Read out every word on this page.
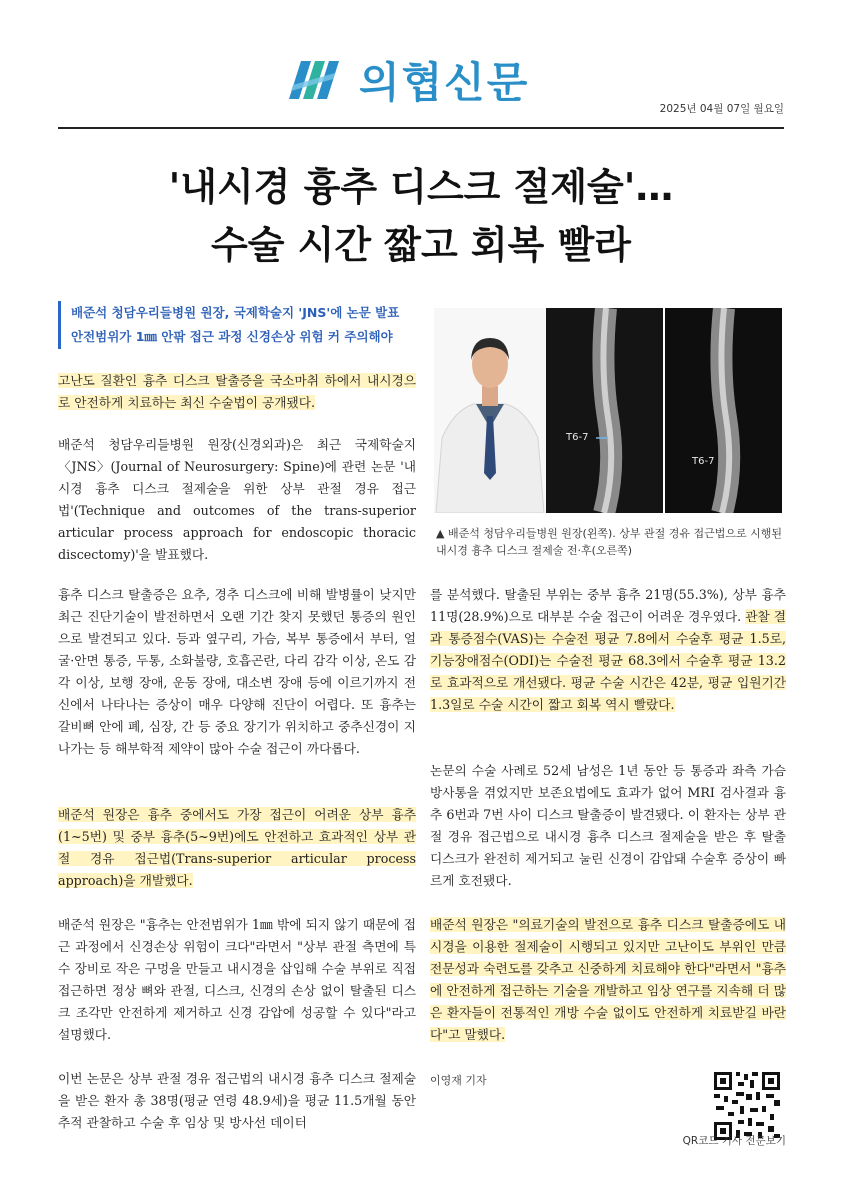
의협신문
2025년 04월 07일 월요일
'내시경 흉추 디스크 절제술'…
수술 시간 짧고 회복 빨라
배준석 청담우리들병원 원장, 국제학술지 'JNS'에 논문 발표
안전범위가 1㎜ 안팎 접근 과정 신경손상 위험 커 주의해야
T6-7
T6-7
▲ 배준석 청담우리들병원 원장(왼쪽). 상부 관절 경유 접근법으로 시행된 내시경 흉추 디스크 절제술 전·후(오른쪽)

고난도 질환인 흉추 디스크 탈출증을 국소마취 하에서 내시경으로 안전하게 치료하는 최신 수술법이 공개됐다.

배준석 청담우리들병원 원장(신경외과)은 최근 국제학술지 〈JNS〉(Journal of Neurosurgery: Spine)에 관련 논문 '내시경 흉추 디스크 절제술을 위한 상부 관절 경유 접근법'(Technique and outcomes of the trans-superior articular process approach for endoscopic thoracic discectomy)'을 발표했다.

흉추 디스크 탈출증은 요추, 경추 디스크에 비해 발병률이 낮지만 최근 진단기술이 발전하면서 오랜 기간 찾지 못했던 통증의 원인으로 발견되고 있다. 등과 옆구리, 가슴, 복부 통증에서 부터, 얼굴·안면 통증, 두통, 소화불량, 호흡곤란, 다리 감각 이상, 온도 감각 이상, 보행 장애, 운동 장애, 대소변 장애 등에 이르기까지 전신에서 나타나는 증상이 매우 다양해 진단이 어렵다. 또 흉추는 갈비뼈 안에 폐, 심장, 간 등 중요 장기가 위치하고 중추신경이 지나가는 등 해부학적 제약이 많아 수술 접근이 까다롭다.

배준석 원장은 흉추 중에서도 가장 접근이 어려운 상부 흉추(1~5번) 및 중부 흉추(5~9번)에도 안전하고 효과적인 상부 관절 경유 접근법(Trans-superior articular process approach)을 개발했다.

배준석 원장은 "흉추는 안전범위가 1㎜ 밖에 되지 않기 때문에 접근 과정에서 신경손상 위험이 크다"라면서 "상부 관절 측면에 특수 장비로 작은 구멍을 만들고 내시경을 삽입해 수술 부위로 직접 접근하면 정상 뼈와 관절, 디스크, 신경의 손상 없이 탈출된 디스크 조각만 안전하게 제거하고 신경 감압에 성공할 수 있다"라고 설명했다.

이번 논문은 상부 관절 경유 접근법의 내시경 흉추 디스크 절제술을 받은 환자 총 38명(평균 연령 48.9세)을 평균 11.5개월 동안 추적 관찰하고 수술 후 임상 및 방사선 데이터

를 분석했다. 탈출된 부위는 중부 흉추 21명(55.3%), 상부 흉추 11명(28.9%)으로 대부분 수술 접근이 어려운 경우였다. 관찰 결과 통증점수(VAS)는 수술전 평균 7.8에서 수술후 평균 1.5로, 기능장애점수(ODI)는 수술전 평균 68.3에서 수술후 평균 13.2로 효과적으로 개선됐다. 평균 수술 시간은 42분, 평균 입원기간 1.3일로 수술 시간이 짧고 회복 역시 빨랐다.

논문의 수술 사례로 52세 남성은 1년 동안 등 통증과 좌측 가슴 방사통을 겪었지만 보존요법에도 효과가 없어 MRI 검사결과 흉추 6번과 7번 사이 디스크 탈출증이 발견됐다. 이 환자는 상부 관절 경유 접근법으로 내시경 흉추 디스크 절제술을 받은 후 탈출 디스크가 완전히 제거되고 눌린 신경이 감압돼 수술후 증상이 빠르게 호전됐다.

배준석 원장은 "의료기술의 발전으로 흉추 디스크 탈출증에도 내시경을 이용한 절제술이 시행되고 있지만 고난이도 부위인 만큼 전문성과 숙련도를 갖추고 신중하게 치료해야 한다"라면서 "흉추에 안전하게 접근하는 기술을 개발하고 임상 연구를 지속해 더 많은 환자들이 전통적인 개방 수술 없이도 안전하게 치료받길 바란다"고 말했다.

이영재 기자
QR코드 기사 전문보기
